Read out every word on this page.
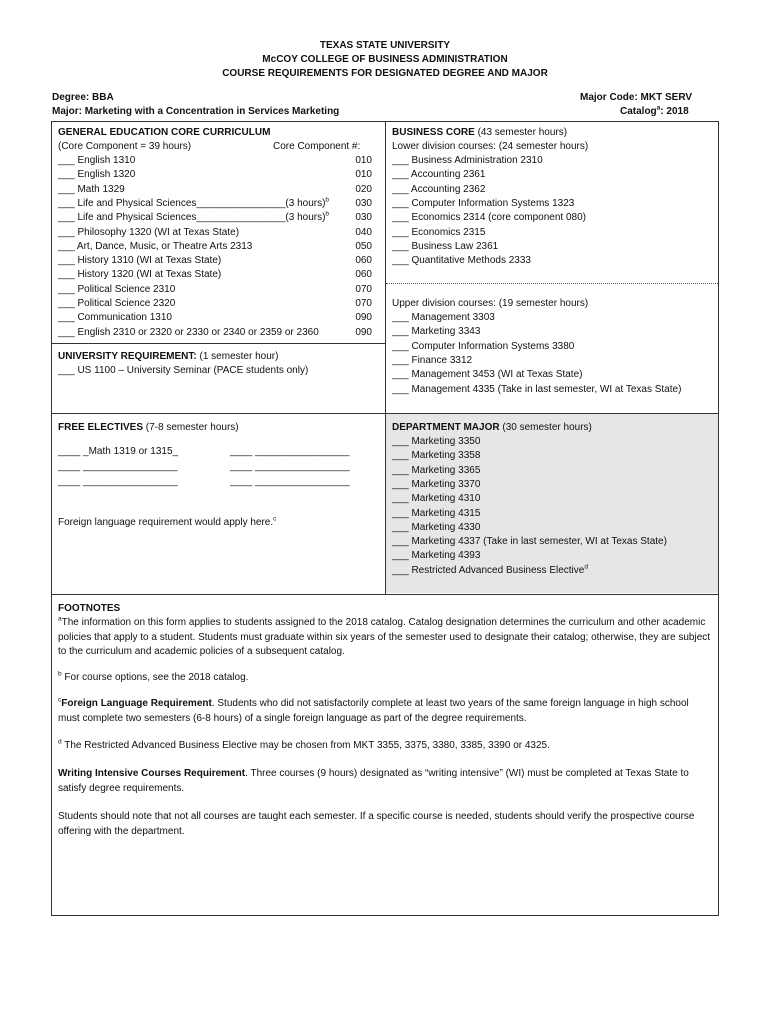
TEXAS STATE UNIVERSITY
McCOY COLLEGE OF BUSINESS ADMINISTRATION
COURSE REQUIREMENTS FOR DESIGNATED DEGREE AND MAJOR
Degree: BBA
Major: Marketing with a Concentration in Services Marketing
Major Code: MKT SERV
Catalog$^a$: 2018
GENERAL EDUCATION CORE CURRICULUM
(Core Component = 39 hours)	Core Component #:
___ English 1310	010
___ English 1320	010
___ Math 1329	020
___ Life and Physical Sciences________________(3 hours)$^b$	030
___ Life and Physical Sciences________________(3 hours)$^b$	030
___ Philosophy 1320 (WI at Texas State)	040
___ Art, Dance, Music, or Theatre Arts 2313	050
___ History 1310 (WI at Texas State)	060
___ History 1320 (WI at Texas State)	060
___ Political Science 2310	070
___ Political Science 2320	070
___ Communication 1310	090
___ English 2310 or 2320 or 2330 or 2340 or 2359 or 2360	090
UNIVERSITY REQUIREMENT: (1 semester hour)
___ US 1100 – University Seminar (PACE students only)
BUSINESS CORE (43 semester hours)
Lower division courses: (24 semester hours)
___ Business Administration 2310
___ Accounting 2361
___ Accounting 2362
___ Computer Information Systems 1323
___ Economics 2314 (core component 080)
___ Economics 2315
___ Business Law 2361
___ Quantitative Methods 2333
Upper division courses: (19 semester hours)
___ Management 3303
___ Marketing 3343
___ Computer Information Systems 3380
___ Finance 3312
___ Management 3453 (WI at Texas State)
___ Management 4335 (Take in last semester, WI at Texas State)
FREE ELECTIVES (7-8 semester hours)
____ _Math 1319 or 1315_	____ _________________
____ _________________	____ _________________
____ _________________	____ _________________
Foreign language requirement would apply here.$^c$
DEPARTMENT MAJOR (30 semester hours)
___ Marketing 3350
___ Marketing 3358
___ Marketing 3365
___ Marketing 3370
___ Marketing 4310
___ Marketing 4315
___ Marketing 4330
___ Marketing 4337 (Take in last semester, WI at Texas State)
___ Marketing 4393
___ Restricted Advanced Business Elective$^d$
FOOTNOTES
$^a$The information on this form applies to students assigned to the 2018 catalog. Catalog designation determines the curriculum and other academic policies that apply to a student. Students must graduate within six years of the semester used to designate their catalog; otherwise, they are subject to the curriculum and academic policies of a subsequent catalog.
$^b$ For course options, see the 2018 catalog.
$^c$Foreign Language Requirement. Students who did not satisfactorily complete at least two years of the same foreign language in high school must complete two semesters (6-8 hours) of a single foreign language as part of the degree requirements.
$^d$ The Restricted Advanced Business Elective may be chosen from MKT 3355, 3375, 3380, 3385, 3390 or 4325.
Writing Intensive Courses Requirement. Three courses (9 hours) designated as “writing intensive” (WI) must be completed at Texas State to satisfy degree requirements.
Students should note that not all courses are taught each semester. If a specific course is needed, students should verify the prospective course offering with the department.
